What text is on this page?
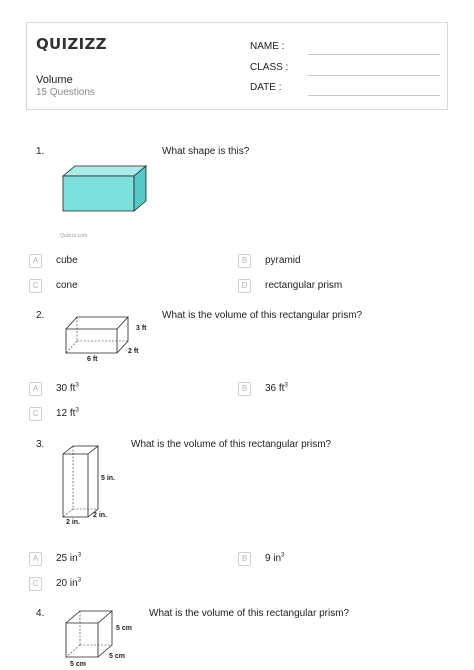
QUIZIZZ
Volume
15 Questions
NAME :
CLASS :
DATE :
1.	What shape is this?
Quizizz.com
A	cube	B	pyramid
C	cone	D	rectangular prism
2.	What is the volume of this rectangular prism?
3 ft
2 ft
6 ft
A	30 $ft^3$	B	36 $ft^3$
C	12 $ft^3$
3.	What is the volume of this rectangular prism?
5 in.
2 in.
2 in.
A	25 $in^3$	B	9 $in^3$
C	20 $in^3$
4.	What is the volume of this rectangular prism?
5 cm
5 cm
5 cm
